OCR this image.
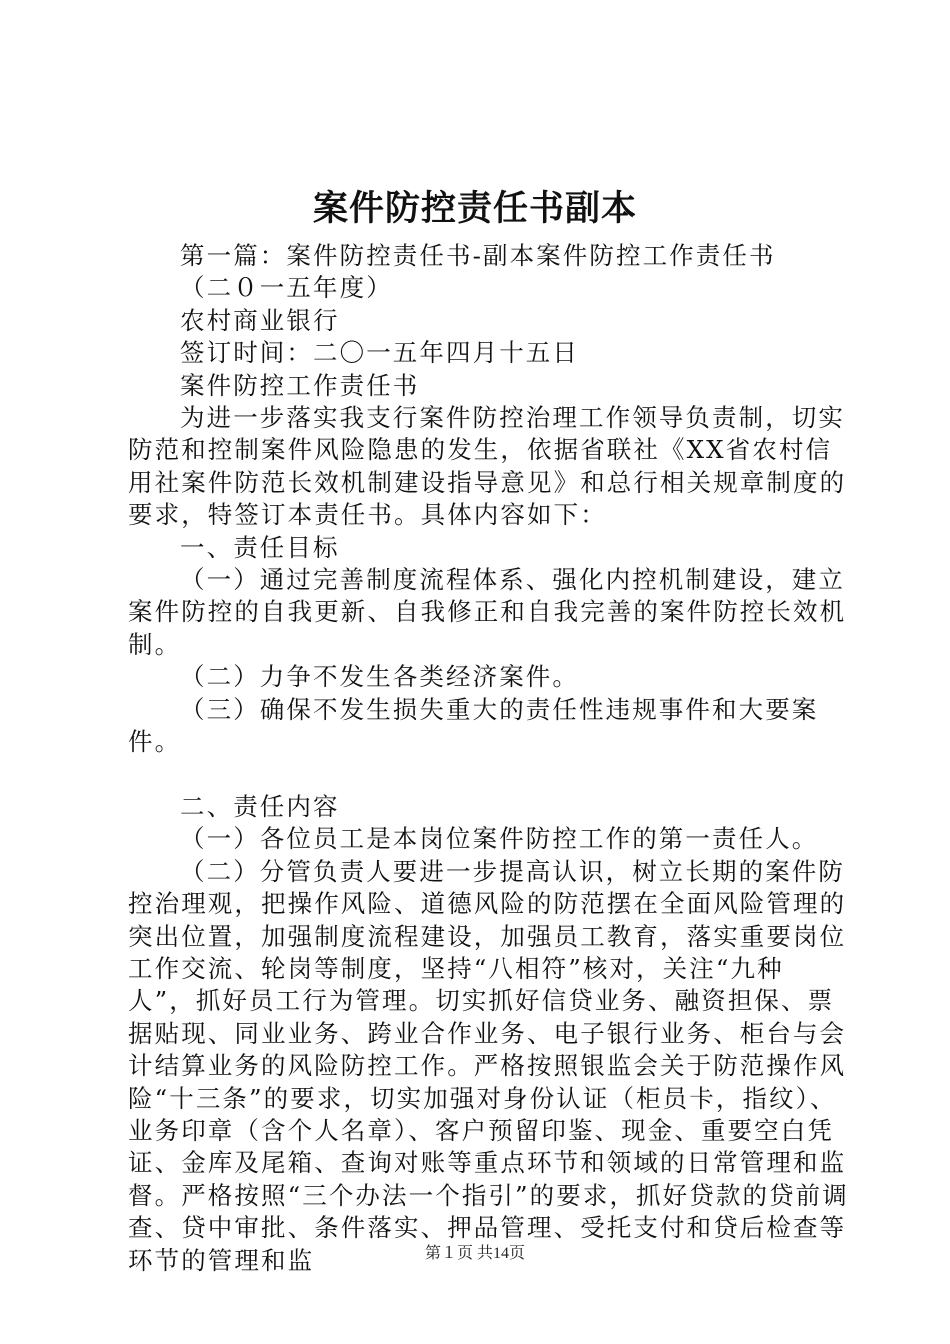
案件防控责任书副本

第一篇：案件防控责任书-副本案件防控工作责任书

（二０一五年度）

农村商业银行

签订时间：二〇一五年四月十五日

案件防控工作责任书

为进一步落实我支行案件防控治理工作领导负责制，切实防范和控制案件风险隐患的发生，依据省联社《XX省农村信用社案件防范长效机制建设指导意见》和总行相关规章制度的要求，特签订本责任书。具体内容如下：

一、责任目标

（一）通过完善制度流程体系、强化内控机制建设，建立案件防控的自我更新、自我修正和自我完善的案件防控长效机制。

（二）力争不发生各类经济案件。

（三）确保不发生损失重大的责任性违规事件和大要案件。

二、责任内容

（一）各位员工是本岗位案件防控工作的第一责任人。

（二）分管负责人要进一步提高认识，树立长期的案件防控治理观，把操作风险、道德风险的防范摆在全面风险管理的突出位置，加强制度流程建设，加强员工教育，落实重要岗位工作交流、轮岗等制度，坚持“八相符”核对，关注“九种人”，抓好员工行为管理。切实抓好信贷业务、融资担保、票据贴现、同业业务、跨业合作业务、电子银行业务、柜台与会计结算业务的风险防控工作。严格按照银监会关于防范操作风险“十三条”的要求，切实加强对身份认证（柜员卡，指纹）、业务印章（含个人名章）、客户预留印鉴、现金、重要空白凭证、金库及尾箱、查询对账等重点环节和领域的日常管理和监督。严格按照“三个办法一个指引”的要求，抓好贷款的贷前调查、贷中审批、条件落实、押品管理、受托支付和贷后检查等环节的管理和监	第１页 共14页
